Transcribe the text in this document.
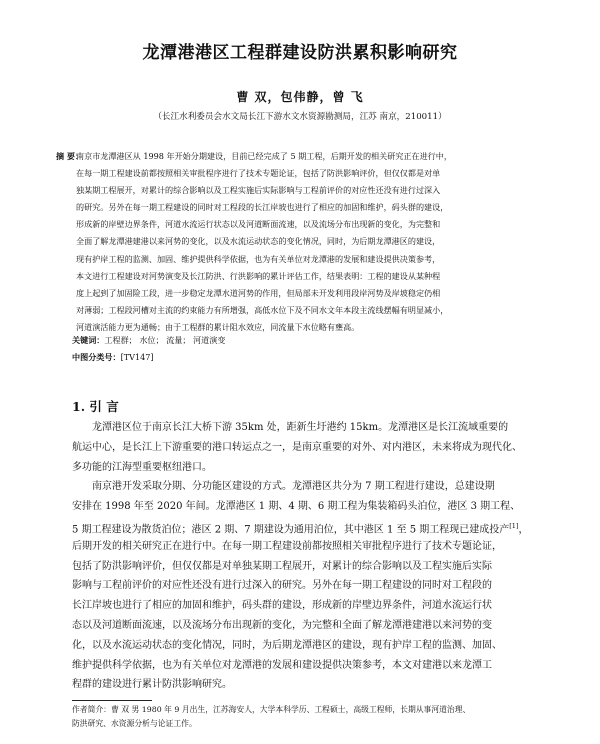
龙潭港港区工程群建设防洪累积影响研究
曹 双，包伟静，曾 飞
（长江水利委员会水文局长江下游水文水资源勘测局，江苏 南京，210011）
摘 要：
南京市龙潭港区从 1998 年开始分期建设，目前已经完成了 5 期工程，后期开发的相关研究正在进行中，
在每一期工程建设前都按照相关审批程序进行了技术专题论证，包括了防洪影响评价，但仅仅都是对单
独某期工程展开，对累计的综合影响以及工程实施后实际影响与工程前评价的对应性还没有进行过深入
的研究。另外在每一期工程建设的同时对工程段的长江岸坡也进行了相应的加固和维护，码头群的建设，
形成新的岸壁边界条件，河道水流运行状态以及河道断面流速，以及流场分布出现新的变化，为完整和
全面了解龙潭港建港以来河势的变化，以及水流运动状态的变化情况，同时，为后期龙潭港区的建设，
现有护岸工程的监测、加固、维护提供科学依据，也为有关单位对龙潭港的发展和建设提供决策参考，
本文进行工程建设对河势演变及长江防洪、行洪影响的累计评估工作，结果表明：工程的建设从某种程
度上起到了加固险工段，进一步稳定龙潭水道河势的作用，但局部未开发利用段岸河势及岸坡稳定仍相
对薄弱；工程段河槽对主流的约束能力有所增强，高低水位下及不同水文年本段主流线摆幅有明显减小，
河道演活能力更为通畅；由于工程群的累计阻水效应，同流量下水位略有壅高。
关键词：工程群； 水位； 流量； 河道演变
中图分类号：[TV147]
1. 引 言
龙潭港区位于南京长江大桥下游 35km 处，距新生圩港约 15km。龙潭港区是长江流域重要的
航运中心，是长江上下游重要的港口转运点之一，是南京重要的对外、对内港区，未来将成为现代化、
多功能的江海型重要枢纽港口。
南京港开发采取分期、分功能区建设的方式。龙潭港区共分为 7 期工程进行建设，总建设期
安排在 1998 年至 2020 年间。龙潭港区 1 期、4 期、6 期工程为集装箱码头泊位，港区 3 期工程、
5 期工程建设为散货泊位；港区 2 期、7 期建设为通用泊位，其中港区 1 至 5 期工程现已建成投产[1]，
后期开发的相关研究正在进行中。在每一期工程建设前都按照相关审批程序进行了技术专题论证，
包括了防洪影响评价，但仅仅都是对单独某期工程展开，对累计的综合影响以及工程实施后实际
影响与工程前评价的对应性还没有进行过深入的研究。另外在每一期工程建设的同时对工程段的
长江岸坡也进行了相应的加固和维护，码头群的建设，形成新的岸壁边界条件，河道水流运行状
态以及河道断面流速，以及流场分布出现新的变化，为完整和全面了解龙潭港建港以来河势的变
化，以及水流运动状态的变化情况，同时，为后期龙潭港区的建设，现有护岸工程的监测、加固、
维护提供科学依据，也为有关单位对龙潭港的发展和建设提供决策参考，本文对建港以来龙潭工
程群的建设进行累计防洪影响研究。
作者简介：曹 双 男 1980 年 9 月出生，江苏海安人，大学本科学历、工程硕士，高级工程师，长期从事河道治理、
防洪研究、水资源分析与论证工作。
